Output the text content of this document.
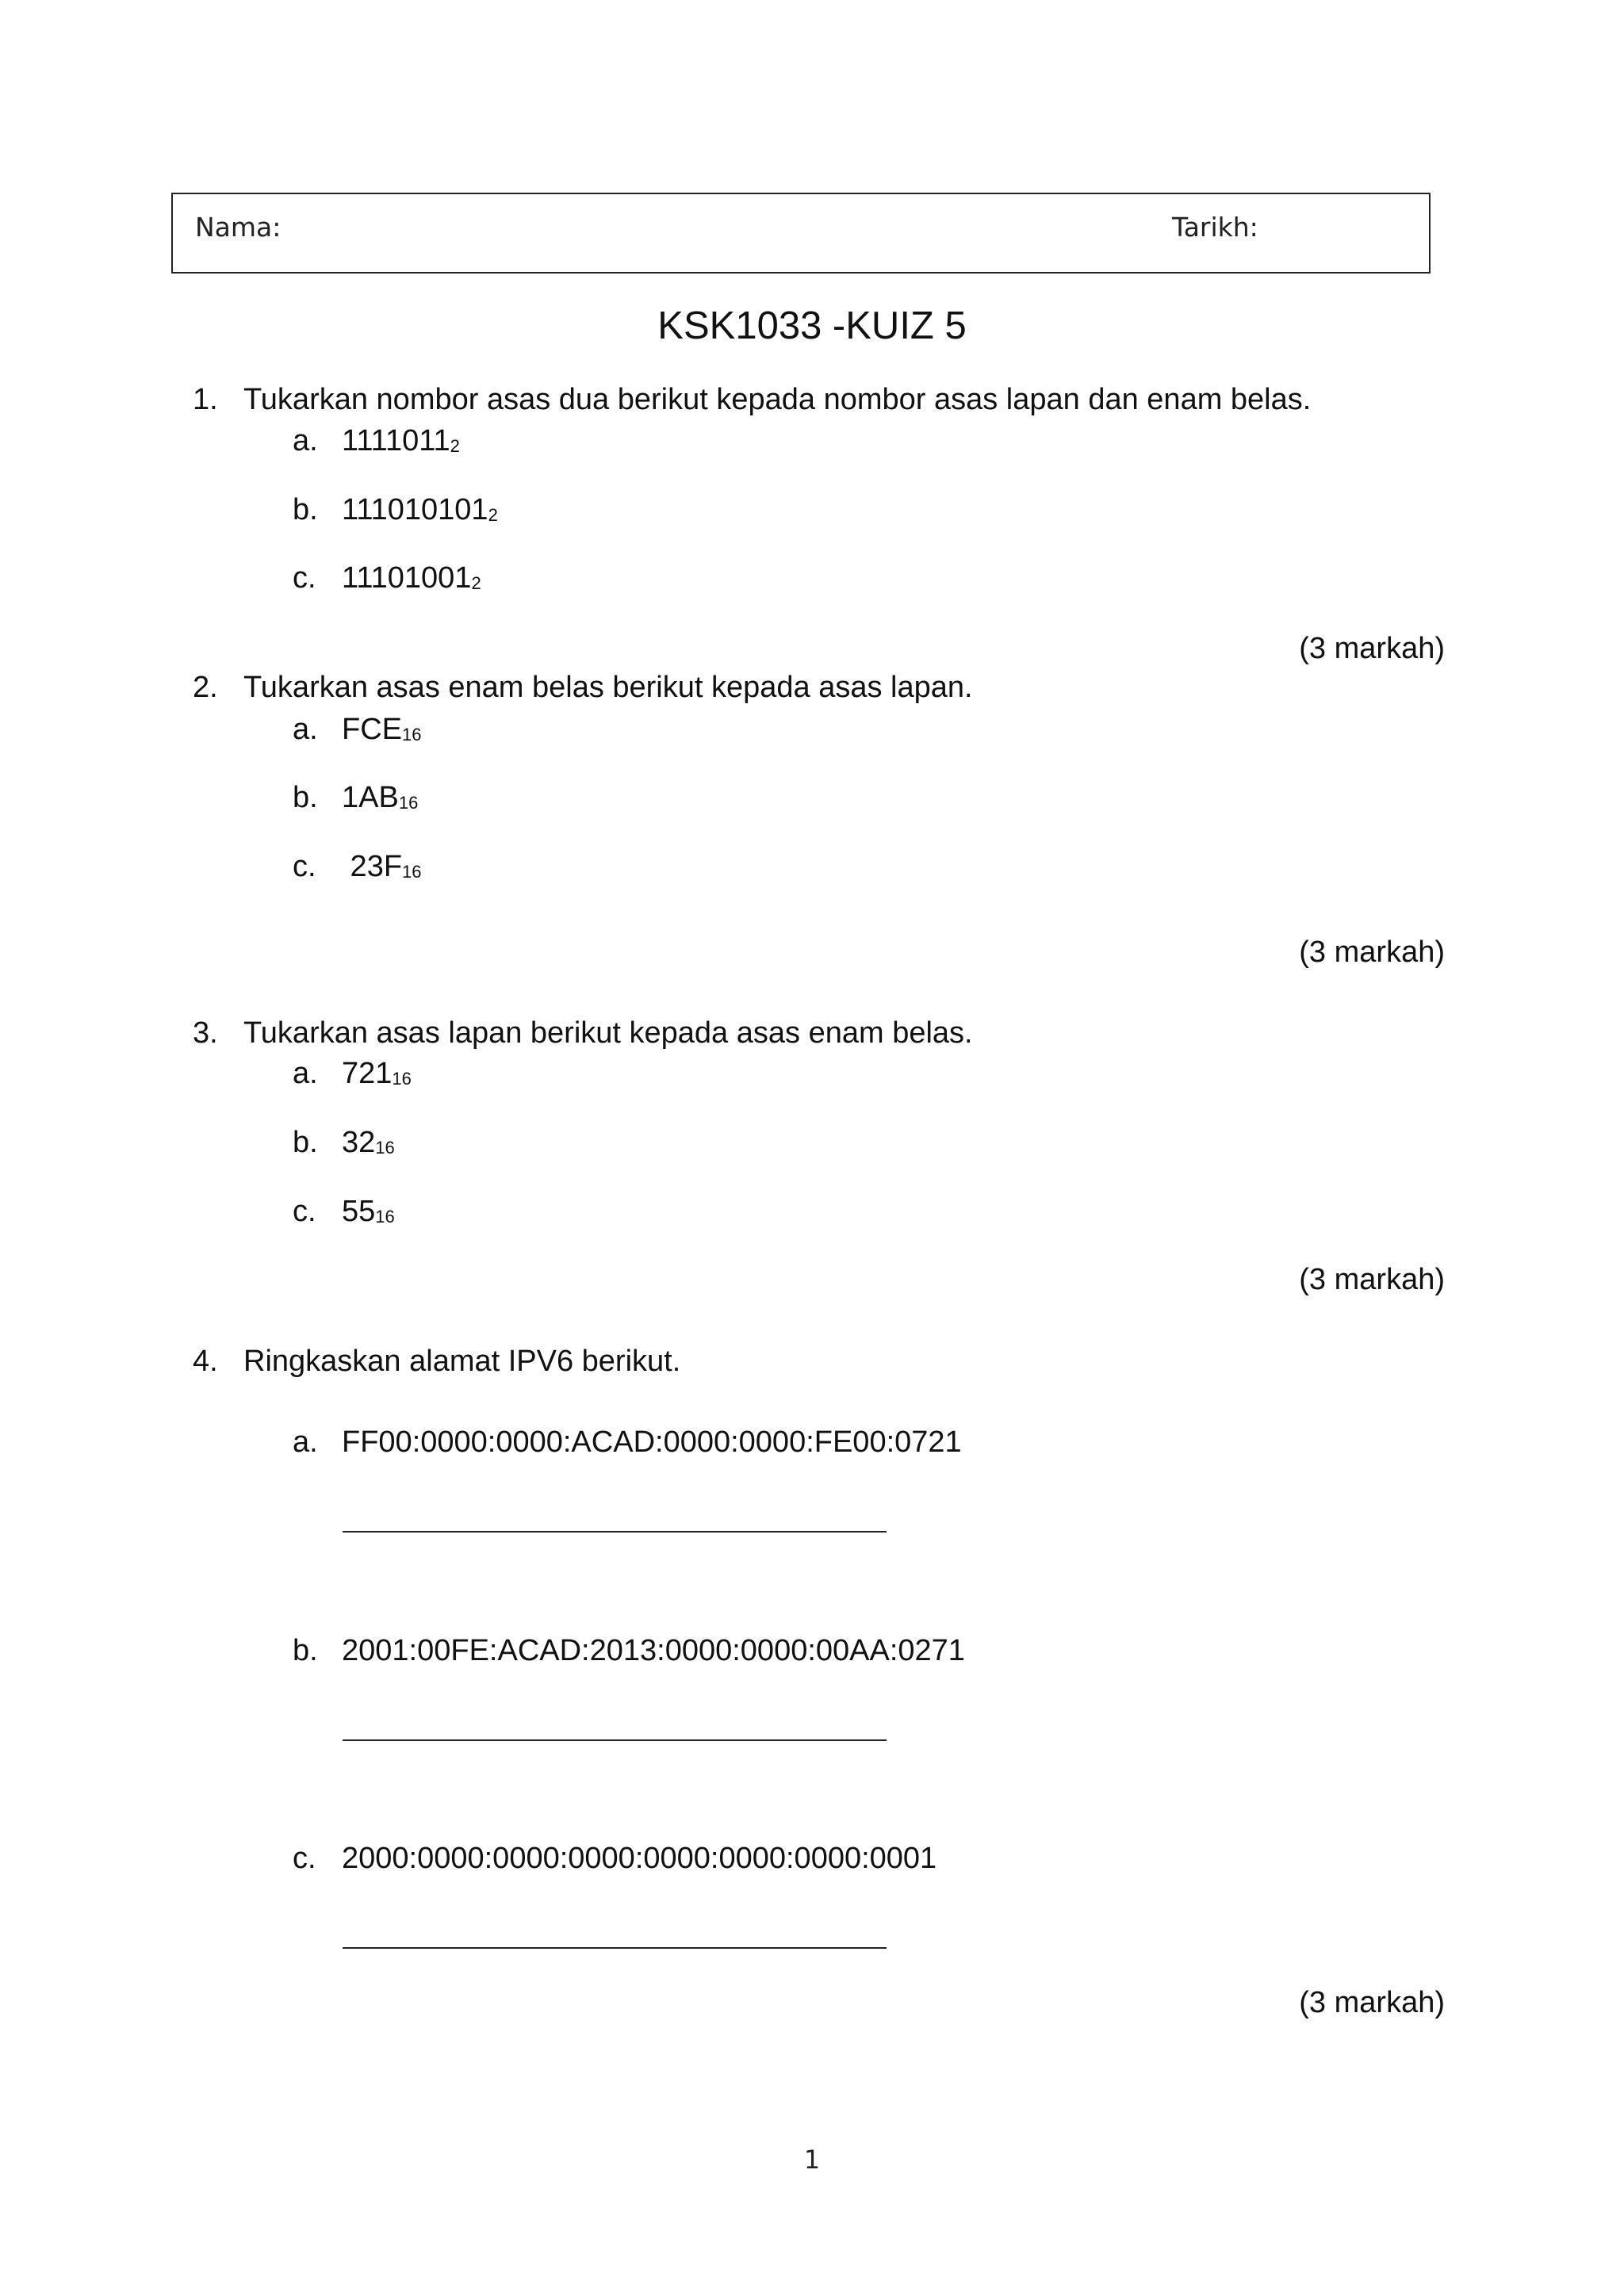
Nama:	Tarikh:
KSK1033 -KUIZ 5
1. Tukarkan nombor asas dua berikut kepada nombor asas lapan dan enam belas.
a. $1111011_2$
b. $111010101_2$
c. $11101001_2$
(3 markah)
2. Tukarkan asas enam belas berikut kepada asas lapan.
a. $FCE_{16}$
b. $1AB_{16}$
c. $23F_{16}$
(3 markah)
3. Tukarkan asas lapan berikut kepada asas enam belas.
a. $721_{16}$
b. $32_{16}$
c. $55_{16}$
(3 markah)
4. Ringkaskan alamat IPV6 berikut.
a. FF00:0000:0000:ACAD:0000:0000:FE00:0721
b. 2001:00FE:ACAD:2013:0000:0000:00AA:0271
c. 2000:0000:0000:0000:0000:0000:0000:0001
(3 markah)
1
